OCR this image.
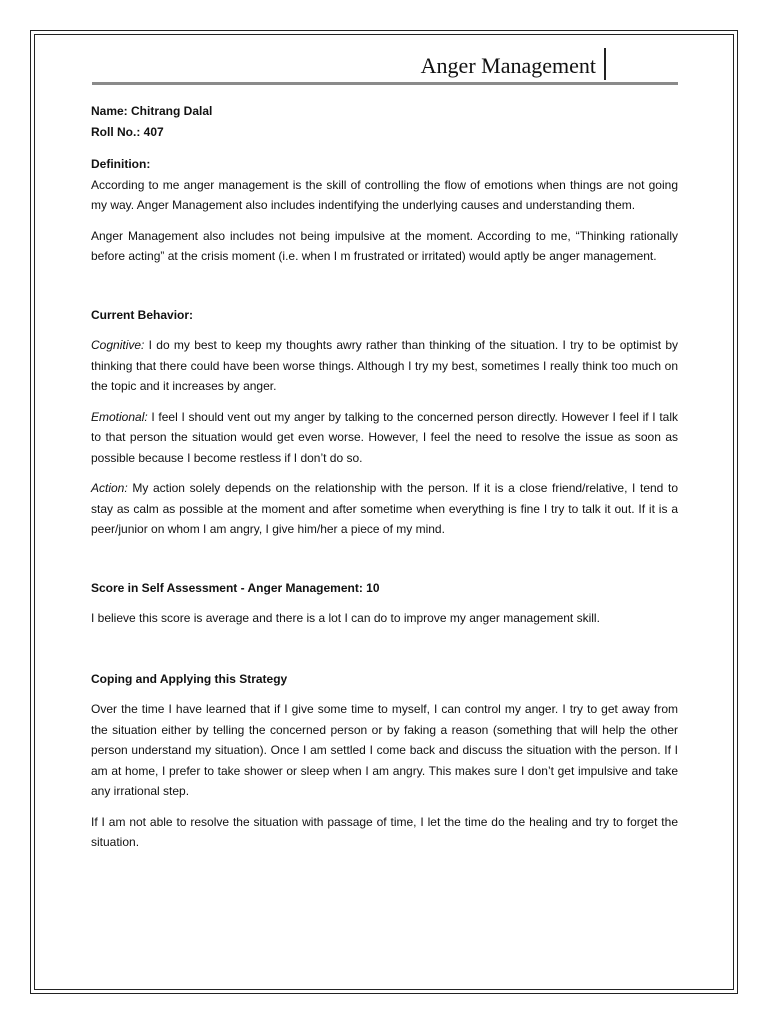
Anger Management

Name: Chitrang Dalal

Roll No.: 407

Definition:

According to me anger management is the skill of controlling the flow of emotions when things are not going my way. Anger Management also includes indentifying the underlying causes and understanding them.

Anger Management also includes not being impulsive at the moment. According to me, “Thinking rationally before acting” at the crisis moment (i.e. when I m frustrated or irritated) would aptly be anger management.

Current Behavior:

Cognitive: I do my best to keep my thoughts awry rather than thinking of the situation. I try to be optimist by thinking that there could have been worse things. Although I try my best, sometimes I really think too much on the topic and it increases by anger.

Emotional: I feel I should vent out my anger by talking to the concerned person directly. However I feel if I talk to that person the situation would get even worse. However, I feel the need to resolve the issue as soon as possible because I become restless if I don’t do so.

Action: My action solely depends on the relationship with the person. If it is a close friend/relative, I tend to stay as calm as possible at the moment and after sometime when everything is fine I try to talk it out. If it is a peer/junior on whom I am angry, I give him/her a piece of my mind.

Score in Self Assessment - Anger Management: 10

I believe this score is average and there is a lot I can do to improve my anger management skill.

Coping and Applying this Strategy

Over the time I have learned that if I give some time to myself, I can control my anger. I try to get away from the situation either by telling the concerned person or by faking a reason (something that will help the other person understand my situation). Once I am settled I come back and discuss the situation with the person. If I am at home, I prefer to take shower or sleep when I am angry. This makes sure I don’t get impulsive and take any irrational step.

If I am not able to resolve the situation with passage of time, I let the time do the healing and try to forget the situation.
